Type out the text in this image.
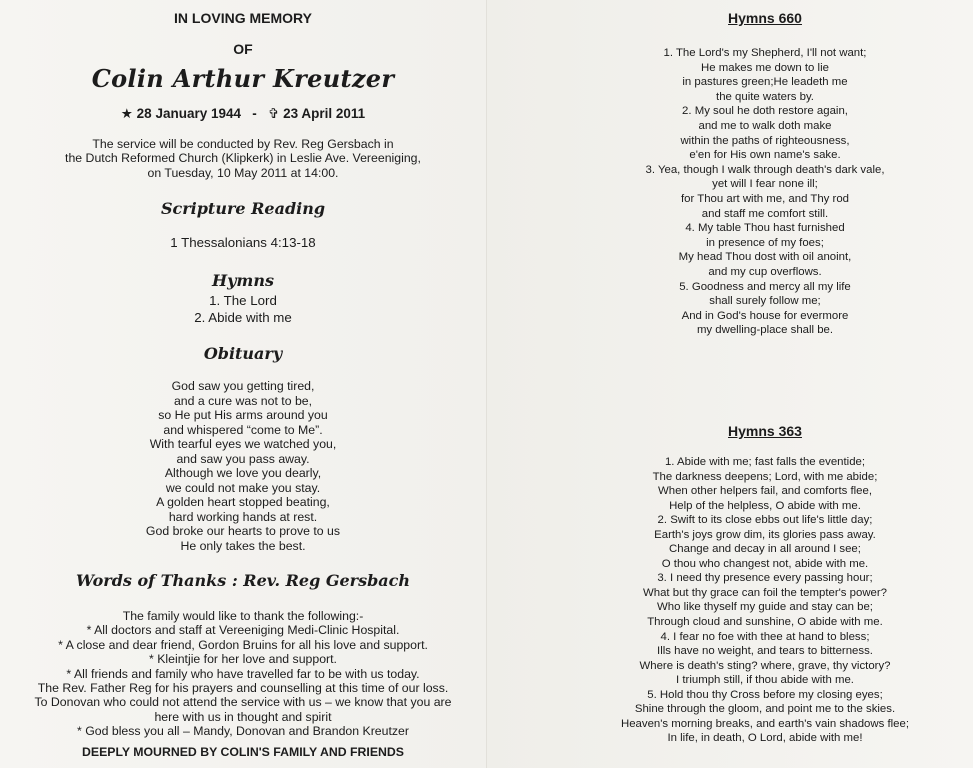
IN LOVING MEMORY
OF
Colin Arthur Kreutzer
★ 28 January 1944 - ✞ 23 April 2011
The service will be conducted by Rev. Reg Gersbach in
the Dutch Reformed Church (Klipkerk) in Leslie Ave. Vereeniging,
on Tuesday, 10 May 2011 at 14:00.
Scripture Reading
1 Thessalonians 4:13-18
Hymns
1. The Lord
2. Abide with me
Obituary
God saw you getting tired,
and a cure was not to be,
so He put His arms around you
and whispered “come to Me”.
With tearful eyes we watched you,
and saw you pass away.
Although we love you dearly,
we could not make you stay.
A golden heart stopped beating,
hard working hands at rest.
God broke our hearts to prove to us
He only takes the best.
Words of Thanks : Rev. Reg Gersbach
The family would like to thank the following:-
* All doctors and staff at Vereeniging Medi-Clinic Hospital.
* A close and dear friend, Gordon Bruins for all his love and support.
* Kleintjie for her love and support.
* All friends and family who have travelled far to be with us today.
The Rev. Father Reg for his prayers and counselling at this time of our loss.
To Donovan who could not attend the service with us – we know that you are
here with us in thought and spirit
* God bless you all – Mandy, Donovan and Brandon Kreutzer
DEEPLY MOURNED BY COLIN'S FAMILY AND FRIENDS
Hymns 660
1. The Lord's my Shepherd, I'll not want;
He makes me down to lie
in pastures green;He leadeth me
the quite waters by.
2. My soul he doth restore again,
and me to walk doth make
within the paths of righteousness,
e'en for His own name's sake.
3. Yea, though I walk through death's dark vale,
yet will I fear none ill;
for Thou art with me, and Thy rod
and staff me comfort still.
4. My table Thou hast furnished
in presence of my foes;
My head Thou dost with oil anoint,
and my cup overflows.
5. Goodness and mercy all my life
shall surely follow me;
And in God's house for evermore
my dwelling-place shall be.
Hymns 363
1. Abide with me; fast falls the eventide;
The darkness deepens; Lord, with me abide;
When other helpers fail, and comforts flee,
Help of the helpless, O abide with me.
2. Swift to its close ebbs out life's little day;
Earth's joys grow dim, its glories pass away.
Change and decay in all around I see;
O thou who changest not, abide with me.
3. I need thy presence every passing hour;
What but thy grace can foil the tempter's power?
Who like thyself my guide and stay can be;
Through cloud and sunshine, O abide with me.
4. I fear no foe with thee at hand to bless;
Ills have no weight, and tears to bitterness.
Where is death's sting? where, grave, thy victory?
I triumph still, if thou abide with me.
5. Hold thou thy Cross before my closing eyes;
Shine through the gloom, and point me to the skies.
Heaven's morning breaks, and earth's vain shadows flee;
In life, in death, O Lord, abide with me!
